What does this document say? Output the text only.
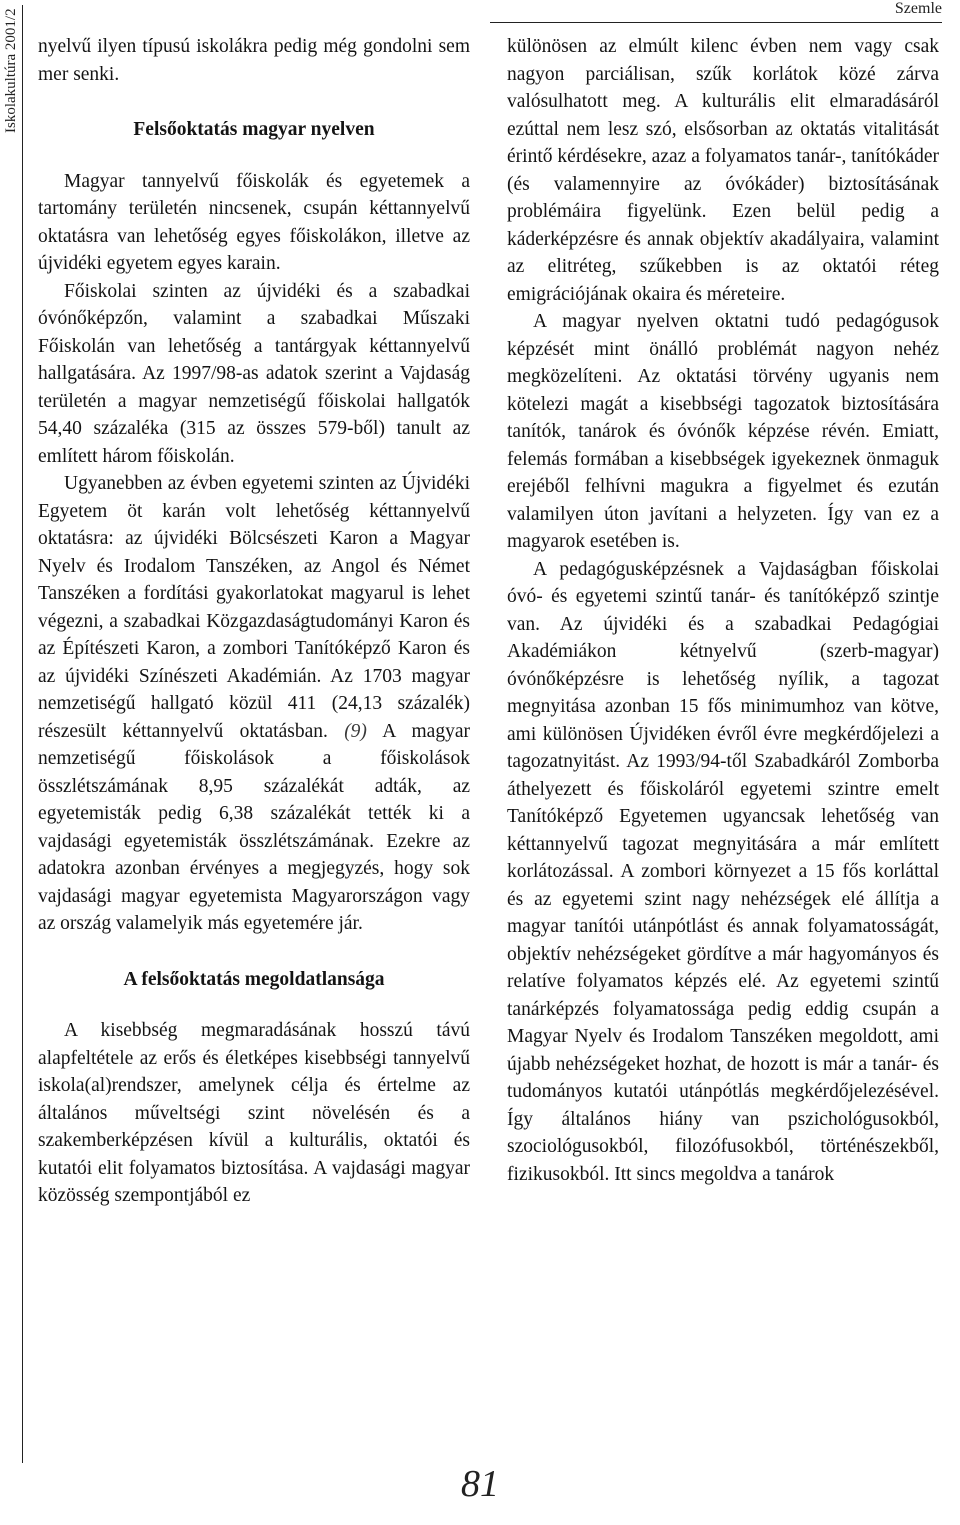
Iskolakultúra 2001/2	Szemle

nyelvű ilyen típusú iskolákra pedig még gondolni sem mer senki.

Felsőoktatás magyar nyelven

Magyar tannyelvű főiskolák és egyetemek a tartomány területén nincsenek, csupán kéttannyelvű oktatásra van lehetőség egyes főiskolákon, illetve az újvidéki egyetem egyes karain.

Főiskolai szinten az újvidéki és a szabadkai óvónőképzőn, valamint a szabadkai Műszaki Főiskolán van lehetőség a tantárgyak kéttannyelvű hallgatására. Az 1997/98-as adatok szerint a Vajdaság területén a magyar nemzetiségű főiskolai hallgatók 54,40 százaléka (315 az összes 579-ből) tanult az említett három főiskolán.

Ugyanebben az évben egyetemi szinten az Újvidéki Egyetem öt karán volt lehetőség kéttannyelvű oktatásra: az újvidéki Bölcsészeti Karon a Magyar Nyelv és Irodalom Tanszéken, az Angol és Német Tanszéken a fordítási gyakorlatokat magyarul is lehet végezni, a szabadkai Közgazdaságtudományi Karon és az Építészeti Karon, a zombori Tanítóképző Karon és az újvidéki Színészeti Akadémián. Az 1703 magyar nemzetiségű hallgató közül 411 (24,13 százalék) részesült kéttannyelvű oktatásban. (9) A magyar nemzetiségű főiskolások a főiskolások összlétszámának 8,95 százalékát adták, az egyetemisták pedig 6,38 százalékát tették ki a vajdasági egyetemisták összlétszámának. Ezekre az adatokra azonban érvényes a megjegyzés, hogy sok vajdasági magyar egyetemista Magyarországon vagy az ország valamelyik más egyetemére jár.

A felsőoktatás megoldatlansága

A kisebbség megmaradásának hosszú távú alapfeltétele az erős és életképes kisebbségi tannyelvű iskola(al)rendszer, amelynek célja és értelme az általános műveltségi szint növelésén és a szakemberképzésen kívül a kulturális, oktatói és kutatói elit folyamatos biztosítása. A vajdasági magyar közösség szempontjából ez

különösen az elmúlt kilenc évben nem vagy csak nagyon parciálisan, szűk korlátok közé zárva valósulhatott meg. A kulturális elit elmaradásáról ezúttal nem lesz szó, elsősorban az oktatás vitalitását érintő kérdésekre, azaz a folyamatos tanár-, tanítókáder (és valamennyire az óvókáder) biztosításának problémáira figyelünk. Ezen belül pedig a káderképzésre és annak objektív akadályaira, valamint az elitréteg, szűkebben is az oktatói réteg emigrációjának okaira és méreteire.

A magyar nyelven oktatni tudó pedagógusok képzését mint önálló problémát nagyon nehéz megközelíteni. Az oktatási törvény ugyanis nem kötelezi magát a kisebbségi tagozatok biztosítására tanítók, tanárok és óvónők képzése révén. Emiatt, felemás formában a kisebbségek igyekeznek önmaguk erejéből felhívni magukra a figyelmet és ezután valamilyen úton javítani a helyzeten. Így van ez a magyarok esetében is.

A pedagógusképzésnek a Vajdaságban főiskolai óvó- és egyetemi szintű tanár- és tanítóképző szintje van. Az újvidéki és a szabadkai Pedagógiai Akadémiákon kétnyelvű (szerb-magyar) óvónőképzésre is lehetőség nyílik, a tagozat megnyitása azonban 15 fős minimumhoz van kötve, ami különösen Újvidéken évről évre megkérdőjelezi a tagozatnyitást. Az 1993/94-től Szabadkáról Zomborba áthelyezett és főiskoláról egyetemi szintre emelt Tanítóképző Egyetemen ugyancsak lehetőség van kéttannyelvű tagozat megnyitására a már említett korlátozással. A zombori környezet a 15 fős korláttal és az egyetemi szint nagy nehézségek elé állítja a magyar tanítói utánpótlást és annak folyamatosságát, objektív nehézségeket gördítve a már hagyományos és relatíve folyamatos képzés elé. Az egyetemi szintű tanárképzés folyamatossága pedig eddig csupán a Magyar Nyelv és Irodalom Tanszéken megoldott, ami újabb nehézségeket hozhat, de hozott is már a tanár- és tudományos kutatói utánpótlás megkérdőjelezésével. Így általános hiány van pszichológusokból, szociológusokból, filozófusokból, történészekből, fizikusokból. Itt sincs megoldva a tanárok

81
